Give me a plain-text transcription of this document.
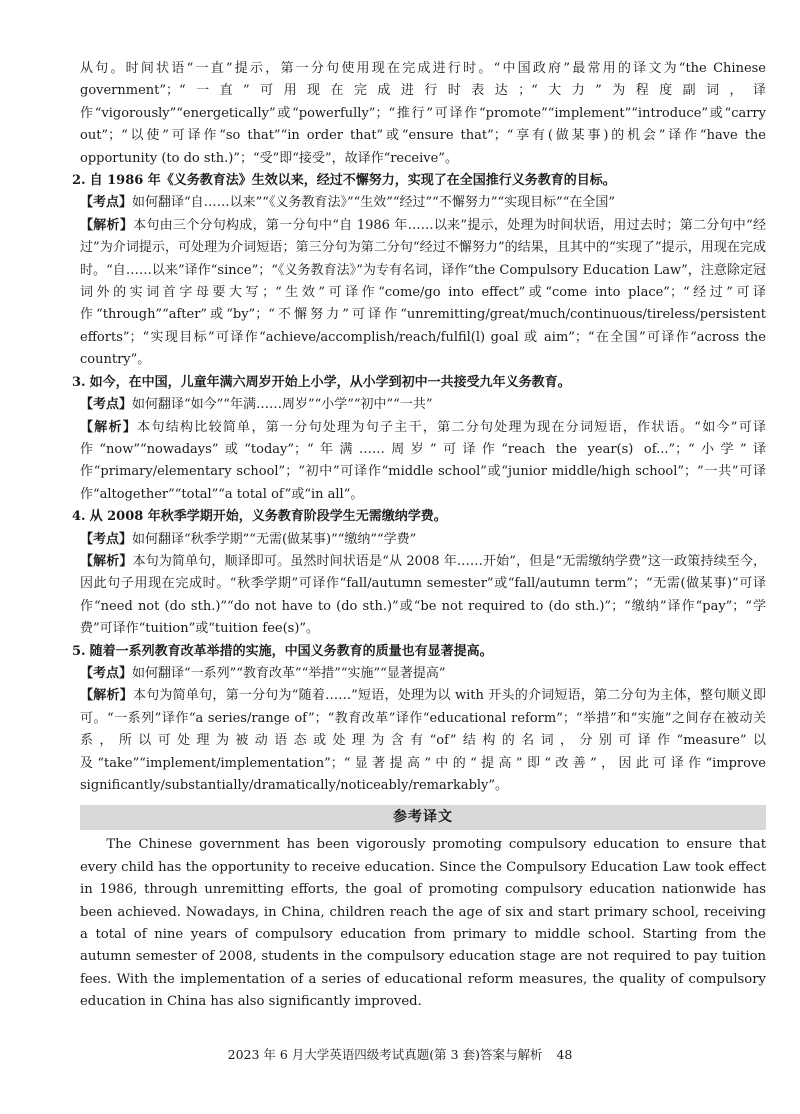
从句。时间状语“一直”提示，第一分句使用现在完成进行时。“中国政府”最常用的译文为“the Chinese government”；“一直”可用现在完成进行时表达；“大力”为程度副词，译作“vigorously”“energetically”或“powerfully”；“推行”可译作“promote”“implement”“introduce”或“carry out”；“以使”可译作“so that”“in order that”或“ensure that”；“享有(做某事)的机会”译作“have the opportunity (to do sth.)”；“受”即“接受”，故译作“receive”。

2. 自 1986 年《义务教育法》生效以来，经过不懈努力，实现了在全国推行义务教育的目标。

【考点】如何翻译“自……以来”“《义务教育法》”“生效”“经过”“不懈努力”“实现目标”“在全国”

【解析】本句由三个分句构成，第一分句中“自 1986 年……以来”提示，处理为时间状语，用过去时；第二分句中“经过”为介词提示，可处理为介词短语；第三分句为第二分句“经过不懈努力”的结果，且其中的“实现了”提示，用现在完成时。“自……以来”译作“since”；“《义务教育法》”为专有名词，译作“the Compulsory Education Law”，注意除定冠词外的实词首字母要大写；“生效”可译作“come/go into effect”或“come into place”；“经过”可译作“through”“after”或“by”；“不懈努力”可译作“unremitting/great/much/continuous/tireless/persistent efforts”；“实现目标”可译作“achieve/accomplish/reach/fulfil(l) goal 或 aim”；“在全国”可译作“across the country”。

3. 如今，在中国，儿童年满六周岁开始上小学，从小学到初中一共接受九年义务教育。

【考点】如何翻译“如今”“年满……周岁”“小学”“初中”“一共”

【解析】本句结构比较简单，第一分句处理为句子主干，第二分句处理为现在分词短语，作状语。“如今”可译作“now”“nowadays”或“today”；“年满……周岁”可译作“reach the year(s) of...”；“小学”译作“primary/elementary school”；“初中”可译作“middle school”或“junior middle/high school”；“一共”可译作“altogether”“total”“a total of”或“in all”。

4. 从 2008 年秋季学期开始，义务教育阶段学生无需缴纳学费。

【考点】如何翻译“秋季学期”“无需(做某事)”“缴纳”“学费”

【解析】本句为简单句，顺译即可。虽然时间状语是“从 2008 年……开始”，但是“无需缴纳学费”这一政策持续至今，因此句子用现在完成时。“秋季学期”可译作“fall/autumn semester”或“fall/autumn term”；“无需(做某事)”可译作“need not (do sth.)”“do not have to (do sth.)”或“be not required to (do sth.)”；“缴纳”译作“pay”；“学费”可译作“tuition”或“tuition fee(s)”。

5. 随着一系列教育改革举措的实施，中国义务教育的质量也有显著提高。

【考点】如何翻译“一系列”“教育改革”“举措”“实施”“显著提高”

【解析】本句为简单句，第一分句为“随着……”短语，处理为以 with 开头的介词短语，第二分句为主体，整句顺义即可。“一系列”译作“a series/range of”；“教育改革”译作“educational reform”；“举措”和“实施”之间存在被动关系，所以可处理为被动语态或处理为含有“of”结构的名词，分别可译作“measure”以及“take”“implement/implementation”；“显著提高”中的“提高”即“改善”，因此可译作“improve significantly/substantially/dramatically/noticeably/remarkably”。

参考译文

The Chinese government has been vigorously promoting compulsory education to ensure that every child has the opportunity to receive education. Since the Compulsory Education Law took effect in 1986, through unremitting efforts, the goal of promoting compulsory education nationwide has been achieved. Nowadays, in China, children reach the age of six and start primary school, receiving a total of nine years of compulsory education from primary to middle school. Starting from the autumn semester of 2008, students in the compulsory education stage are not required to pay tuition fees. With the implementation of a series of educational reform measures, the quality of compulsory education in China has also significantly improved.

2023 年 6 月大学英语四级考试真题(第 3 套)答案与解析 48
